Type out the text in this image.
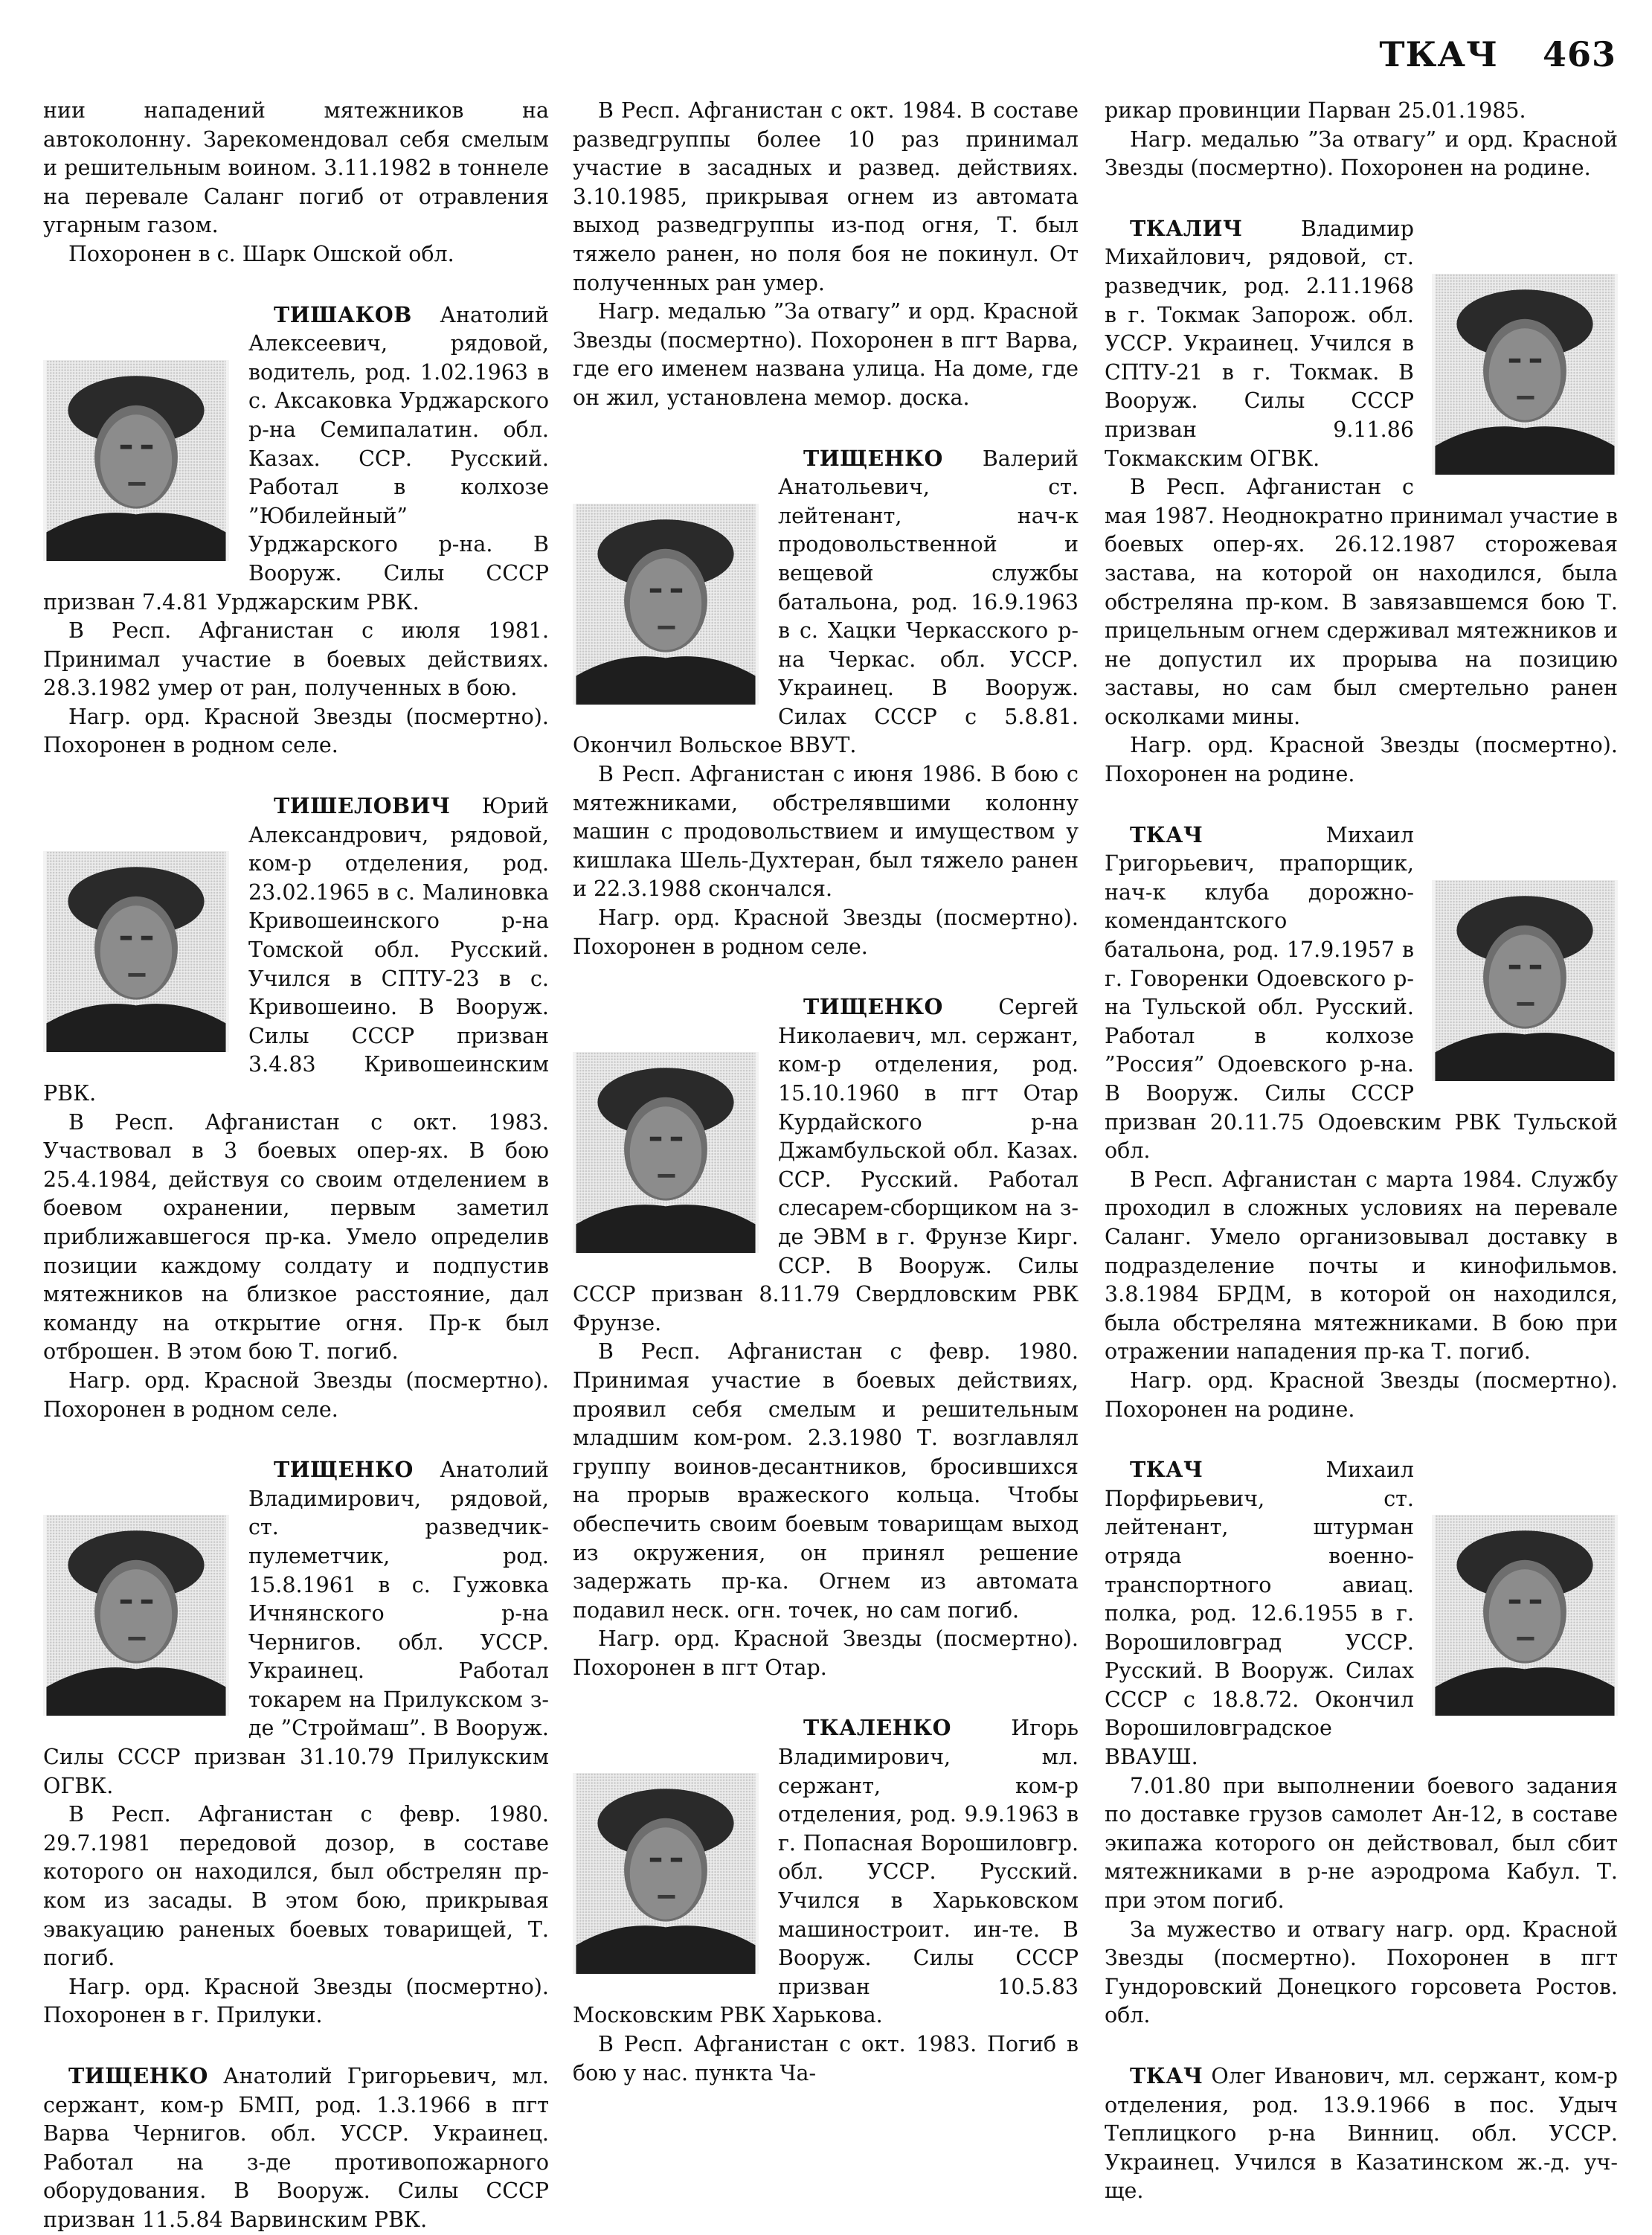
ТКАЧ 463

нии нападений мятежников на автоколонну. Зарекомендовал себя смелым и решительным воином. 3.11.1982 в тоннеле на перевале Саланг погиб от отравления угарным газом.

Похоронен в с. Шарк Ошской обл.

ТИШАКОВ Анатолий Алексеевич, рядовой, водитель, род. 1.02.1963 в с. Аксаковка Урджарского р-на Семипалатин. обл. Казах. ССР. Русский. Работал в колхозе ”Юбилейный” Урджарского р-на. В Вооруж. Силы СССР призван 7.4.81 Урджарским РВК.

В Респ. Афганистан с июля 1981. Принимал участие в боевых действиях. 28.3.1982 умер от ран, полученных в бою.

Нагр. орд. Красной Звезды (посмертно). Похоронен в родном селе.

ТИШЕЛОВИЧ Юрий Александрович, рядовой, ком-р отделения, род. 23.02.1965 в с. Малиновка Кривошеинского р-на Томской обл. Русский. Учился в СПТУ-23 в с. Кривошеино. В Вооруж. Силы СССР призван 3.4.83 Кривошеинским РВК.

В Респ. Афганистан с окт. 1983. Участвовал в 3 боевых опер-ях. В бою 25.4.1984, действуя со своим отделением в боевом охранении, первым заметил приближавшегося пр-ка. Умело определив позиции каждому солдату и подпустив мятежников на близкое расстояние, дал команду на открытие огня. Пр-к был отброшен. В этом бою Т. погиб.

Нагр. орд. Красной Звезды (посмертно). Похоронен в родном селе.

ТИЩЕНКО Анатолий Владимирович, рядовой, ст. разведчик-пулеметчик, род. 15.8.1961 в с. Гужовка Ичнянского р-на Чернигов. обл. УССР. Украинец. Работал токарем на Прилукском з-де ”Строймаш”. В Вооруж. Силы СССР призван 31.10.79 Прилукским ОГВК.

В Респ. Афганистан с февр. 1980. 29.7.1981 передовой дозор, в составе которого он находился, был обстрелян пр-ком из засады. В этом бою, прикрывая эвакуацию раненых боевых товарищей, Т. погиб.

Нагр. орд. Красной Звезды (посмертно). Похоронен в г. Прилуки.

ТИЩЕНКО Анатолий Григорьевич, мл. сержант, ком-р БМП, род. 1.3.1966 в пгт Варва Чернигов. обл. УССР. Украинец. Работал на з-де противопожарного оборудования. В Вооруж. Силы СССР призван 11.5.84 Варвинским РВК.

В Респ. Афганистан с окт. 1984. В составе разведгруппы более 10 раз принимал участие в засадных и развед. действиях. 3.10.1985, прикрывая огнем из автомата выход разведгруппы из-под огня, Т. был тяжело ранен, но поля боя не покинул. От полученных ран умер.

Нагр. медалью ”За отвагу” и орд. Красной Звезды (посмертно). Похоронен в пгт Варва, где его именем названа улица. На доме, где он жил, установлена мемор. доска.

ТИЩЕНКО Валерий Анатольевич, ст. лейтенант, нач-к продовольственной и вещевой службы батальона, род. 16.9.1963 в с. Хацки Черкасского р-на Черкас. обл. УССР. Украинец. В Вооруж. Силах СССР с 5.8.81. Окончил Вольское ВВУТ.

В Респ. Афганистан с июня 1986. В бою с мятежниками, обстрелявшими колонну машин с продовольствием и имуществом у кишлака Шель-Духтеран, был тяжело ранен и 22.3.1988 скончался.

Нагр. орд. Красной Звезды (посмертно). Похоронен в родном селе.

ТИЩЕНКО Сергей Николаевич, мл. сержант, ком-р отделения, род. 15.10.1960 в пгт Отар Курдайского р-на Джамбульской обл. Казах. ССР. Русский. Работал слесарем-сборщиком на з-де ЭВМ в г. Фрунзе Кирг. ССР. В Вооруж. Силы СССР призван 8.11.79 Свердловским РВК Фрунзе.

В Респ. Афганистан с февр. 1980. Принимая участие в боевых действиях, проявил себя смелым и решительным младшим ком-ром. 2.3.1980 Т. возглавлял группу воинов-десантников, бросившихся на прорыв вражеского кольца. Чтобы обеспечить своим боевым товарищам выход из окружения, он принял решение задержать пр-ка. Огнем из автомата подавил неск. огн. точек, но сам погиб.

Нагр. орд. Красной Звезды (посмертно). Похоронен в пгт Отар.

ТКАЛЕНКО Игорь Владимирович, мл. сержант, ком-р отделения, род. 9.9.1963 в г. Попасная Ворошиловгр. обл. УССР. Русский. Учился в Харьковском машиностроит. ин-те. В Вооруж. Силы СССР призван 10.5.83 Московским РВК Харькова.

В Респ. Афганистан с окт. 1983. Погиб в бою у нас. пункта Ча-

рикар провинции Парван 25.01.1985.

Нагр. медалью ”За отвагу” и орд. Красной Звезды (посмертно). Похоронен на родине.

ТКАЛИЧ Владимир Михайлович, рядовой, ст. разведчик, род. 2.11.1968 в г. Токмак Запорож. обл. УССР. Украинец. Учился в СПТУ-21 в г. Токмак. В Вооруж. Силы СССР призван 9.11.86 Токмакским ОГВК.

В Респ. Афганистан с мая 1987. Неоднократно принимал участие в боевых опер-ях. 26.12.1987 сторожевая застава, на которой он находился, была обстреляна пр-ком. В завязавшемся бою Т. прицельным огнем сдерживал мятежников и не допустил их прорыва на позицию заставы, но сам был смертельно ранен осколками мины.

Нагр. орд. Красной Звезды (посмертно). Похоронен на родине.

ТКАЧ Михаил Григорьевич, прапорщик, нач-к клуба дорожно-комендантского батальона, род. 17.9.1957 в г. Говоренки Одоевского р-на Тульской обл. Русский. Работал в колхозе ”Россия” Одоевского р-на. В Вооруж. Силы СССР призван 20.11.75 Одоевским РВК Тульской обл.

В Респ. Афганистан с марта 1984. Службу проходил в сложных условиях на перевале Саланг. Умело организовывал доставку в подразделение почты и кинофильмов. 3.8.1984 БРДМ, в которой он находился, была обстреляна мятежниками. В бою при отражении нападения пр-ка Т. погиб.

Нагр. орд. Красной Звезды (посмертно). Похоронен на родине.

ТКАЧ Михаил Порфирьевич, ст. лейтенант, штурман отряда военно-транспортного авиац. полка, род. 12.6.1955 в г. Ворошиловград УССР. Русский. В Вооруж. Силах СССР с 18.8.72. Окончил Ворошиловградское ВВАУШ.

7.01.80 при выполнении боевого задания по доставке грузов самолет Ан-12, в составе экипажа которого он действовал, был сбит мятежниками в р-не аэродрома Кабул. Т. при этом погиб.

За мужество и отвагу нагр. орд. Красной Звезды (посмертно). Похоронен в пгт Гундоровский Донецкого горсовета Ростов. обл.

ТКАЧ Олег Иванович, мл. сержант, ком-р отделения, род. 13.9.1966 в пос. Удыч Теплицкого р-на Винниц. обл. УССР. Украинец. Учился в Казатинском ж.-д. уч-ще.
